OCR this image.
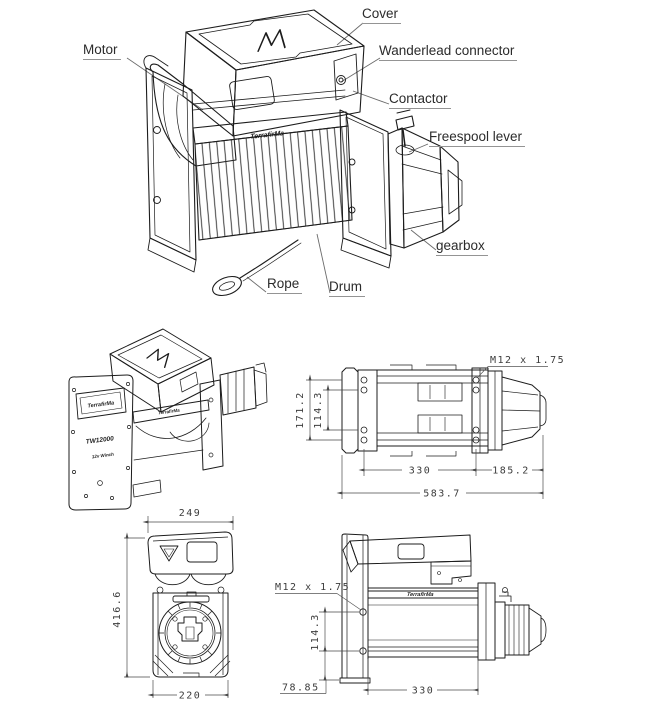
TerrafirMa
Cover
Motor	Wanderlead connector
Contactor
Freespool lever
gearbox
Rope Drum
TerrafirMa
TW12000
12v Winch
TerrafirMa
330	185.2
583.7
171.2 114.3
M12 x 1.75
249
416.6
220
TerrafirMa
M12 x 1.75
114.3
78.85	330
